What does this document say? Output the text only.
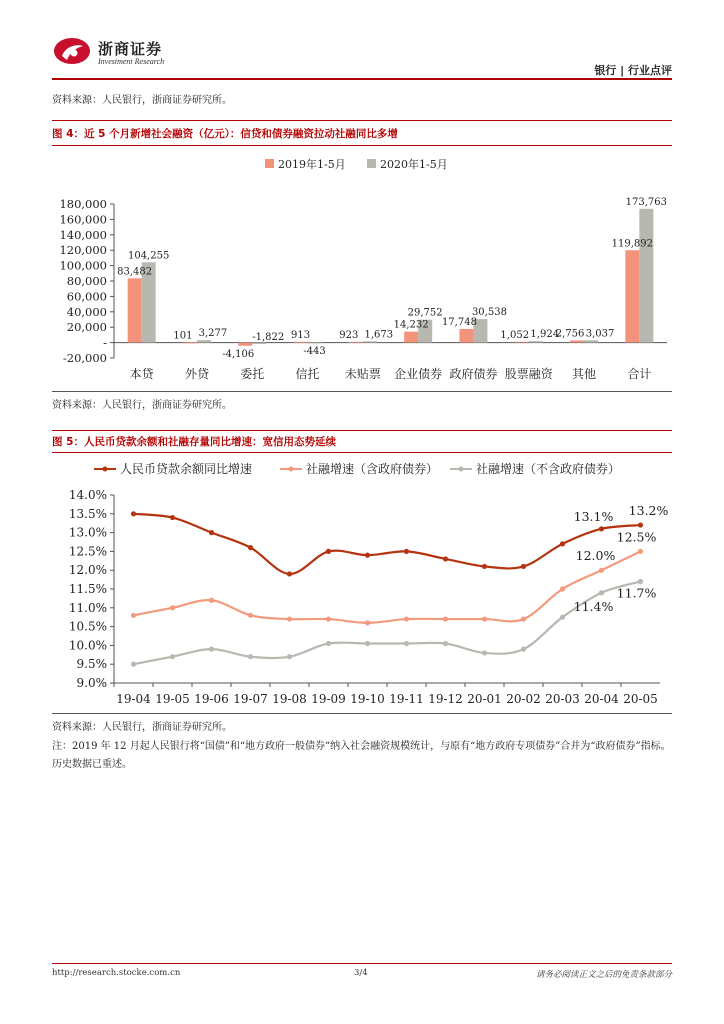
浙商证券
Investment Research
银行 | 行业点评
资料来源：人民银行，浙商证券研究所。
图 4：近 5 个月新增社会融资（亿元）：信贷和债券融资拉动社融同比多增
2019年1-5月	2020年1-5月
-20,000
-
20,000
40,000
60,000
80,000
100,000
120,000
140,000
160,000
180,000
本贷	外贷	委托	信托 未贴票 企业债券 政府债券 股票融资 其他	合计
83,482
104,255
101 3,277
-4,106
-1,822 913
-443
923 1,673
14,232
29,752
17,748
30,538
1,052 1,924
2,756 3,037
119,892
173,763
资料来源：人民银行，浙商证券研究所。
图 5：人民币贷款余额和社融存量同比增速：宽信用态势延续
人民币贷款余额同比增速	社融增速（含政府债券）	社融增速（不含政府债券）
9.0%
9.5%
10.0%
10.5%
11.0%
11.5%
12.0%
12.5%
13.0%
13.5%
14.0%
19-04 19-05 19-06 19-07 19-08 19-09 19-10 19-11 19-12 20-01 20-02 20-03 20-04 20-05
13.1% 13.2%
12.0%
12.5%
11.4%
11.7%
资料来源：人民银行，浙商证券研究所。
注：2019 年 12 月起人民银行将“国债”和“地方政府一般债券”纳入社会融资规模统计，与原有“地方政府专项债券”合并为“政府债券”指标。历史数据已重述。
http://research.stocke.com.cn	3/4	请务必阅读正文之后的免责条款部分
